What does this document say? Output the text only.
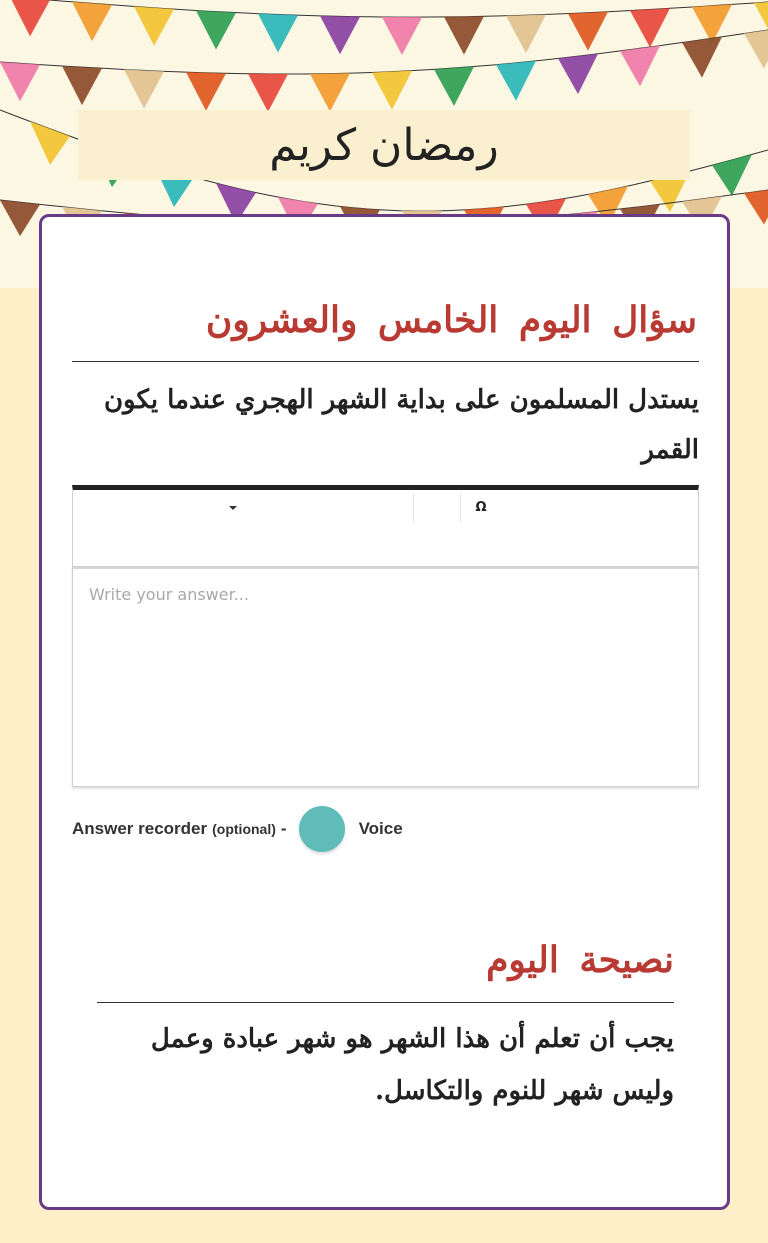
رمضان كريم
سؤال اليوم الخامس والعشرون
يستدل المسلمون على بداية الشهر الهجري عندما يكون القمر
Ω
Write your answer...
Answer recorder (optional) -	Voice
نصيحة اليوم
يجب أن تعلم أن هذا الشهر هو شهر عبادة وعمل وليس شهر للنوم والتكاسل.
